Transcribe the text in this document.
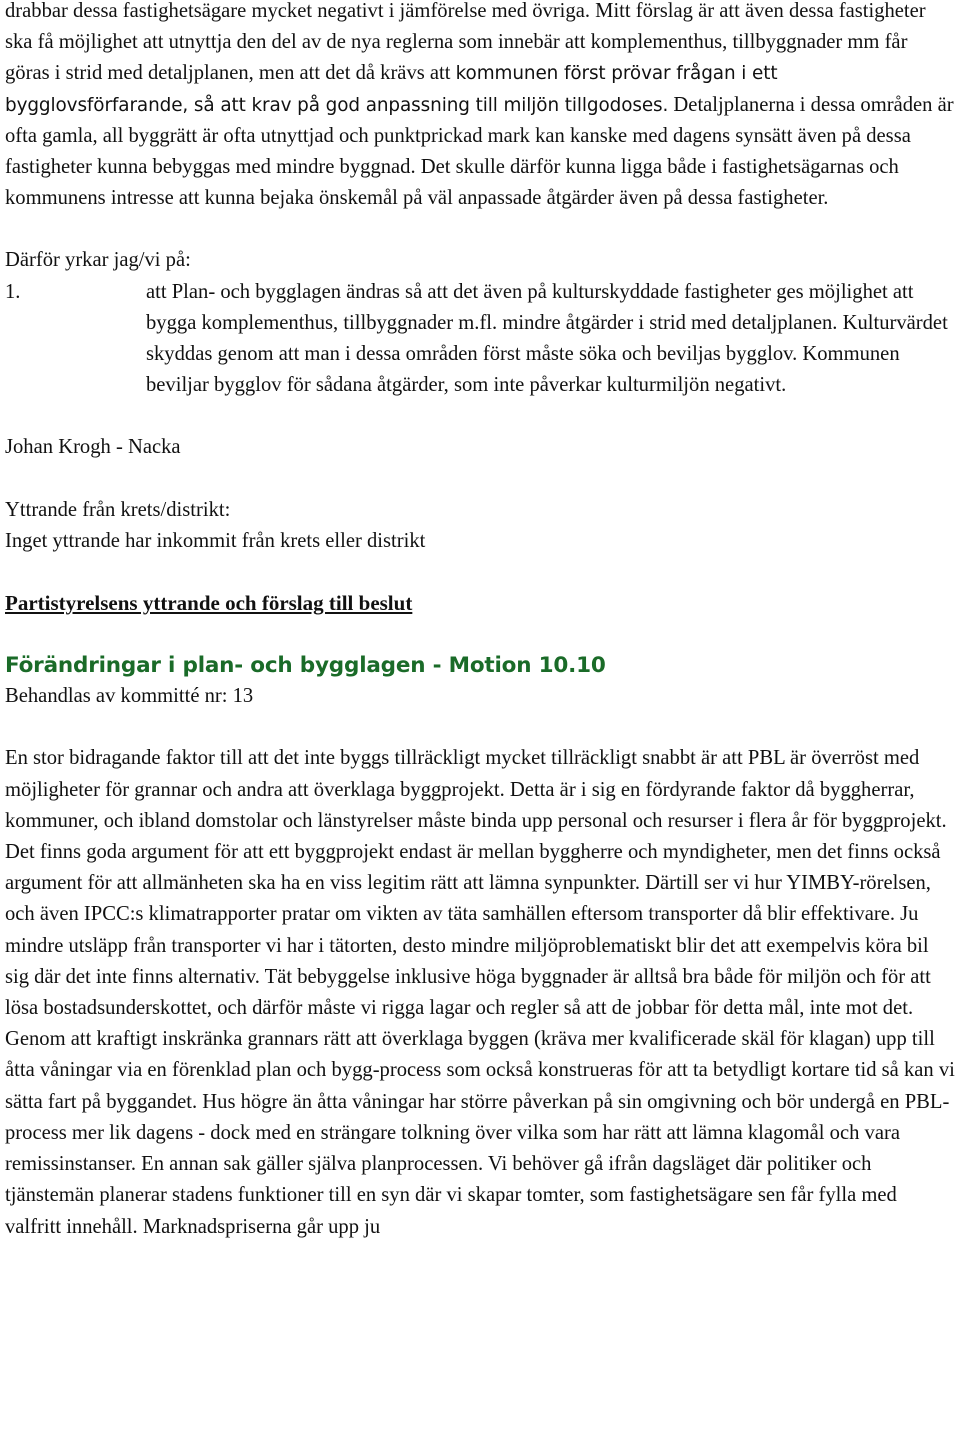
drabbar dessa fastighetsägare mycket negativt i jämförelse med övriga. Mitt förslag är att även dessa fastigheter ska få möjlighet att utnyttja den del av de nya reglerna som innebär att komplementhus, tillbyggnader mm får göras i strid med detaljplanen, men att det då krävs att kommunen först prövar frågan i ett bygglovsförfarande, så att krav på god anpassning till miljön tillgodoses. Detaljplanerna i dessa områden är ofta gamla, all byggrätt är ofta utnyttjad och punktprickad mark kan kanske med dagens synsätt även på dessa fastigheter kunna bebyggas med mindre byggnad. Det skulle därför kunna ligga både i fastighetsägarnas och kommunens intresse att kunna bejaka önskemål på väl anpassade åtgärder även på dessa fastigheter.

Därför yrkar jag/vi på:

1.	att Plan- och bygglagen ändras så att det även på kulturskyddade fastigheter ges möjlighet att bygga komplementhus, tillbyggnader m.fl. mindre åtgärder i strid med detaljplanen. Kulturvärdet skyddas genom att man i dessa områden först måste söka och beviljas bygglov. Kommunen beviljar bygglov för sådana åtgärder, som inte påverkar kulturmiljön negativt.

Johan Krogh - Nacka

Yttrande från krets/distrikt:

Inget yttrande har inkommit från krets eller distrikt

Partistyrelsens yttrande och förslag till beslut

Förändringar i plan- och bygglagen - Motion 10.10

Behandlas av kommitté nr: 13

En stor bidragande faktor till att det inte byggs tillräckligt mycket tillräckligt snabbt är att PBL är överröst med möjligheter för grannar och andra att överklaga byggprojekt. Detta är i sig en fördyrande faktor då byggherrar, kommuner, och ibland domstolar och länstyrelser måste binda upp personal och resurser i flera år för byggprojekt. Det finns goda argument för att ett byggprojekt endast är mellan byggherre och myndigheter, men det finns också argument för att allmänheten ska ha en viss legitim rätt att lämna synpunkter. Därtill ser vi hur YIMBY-rörelsen, och även IPCC:s klimatrapporter pratar om vikten av täta samhällen eftersom transporter då blir effektivare. Ju mindre utsläpp från transporter vi har i tätorten, desto mindre miljöproblematiskt blir det att exempelvis köra bil sig där det inte finns alternativ. Tät bebyggelse inklusive höga byggnader är alltså bra både för miljön och för att lösa bostadsunderskottet, och därför måste vi rigga lagar och regler så att de jobbar för detta mål, inte mot det. Genom att kraftigt inskränka grannars rätt att överklaga byggen (kräva mer kvalificerade skäl för klagan) upp till åtta våningar via en förenklad plan och bygg-process som också konstrueras för att ta betydligt kortare tid så kan vi sätta fart på byggandet. Hus högre än åtta våningar har större påverkan på sin omgivning och bör undergå en PBL-process mer lik dagens - dock med en strängare tolkning över vilka som har rätt att lämna klagomål och vara remissinstanser. En annan sak gäller själva planprocessen. Vi behöver gå ifrån dagsläget där politiker och tjänstemän planerar stadens funktioner till en syn där vi skapar tomter, som fastighetsägare sen får fylla med valfritt innehåll. Marknadspriserna går upp ju
